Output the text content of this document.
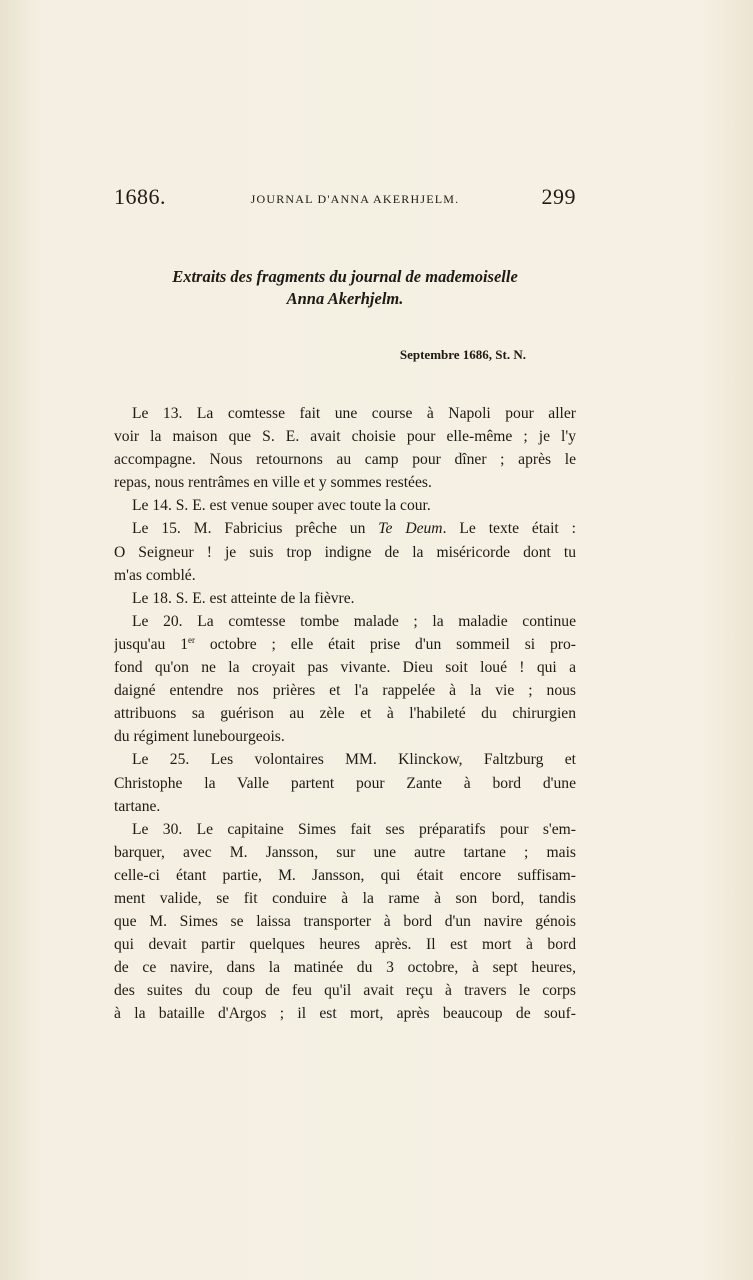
1686.	JOURNAL D'ANNA AKERHJELM.	299
Extraits des fragments du journal de mademoiselle
Anna Akerhjelm.
Septembre 1686, St. N.
Le 13. La comtesse fait une course à Napoli pour aller
voir la maison que S. E. avait choisie pour elle-même ; je l'y
accompagne. Nous retournons au camp pour dîner ; après le
repas, nous rentrâmes en ville et y sommes restées.
Le 14. S. E. est venue souper avec toute la cour.
Le 15. M. Fabricius prêche un Te Deum. Le texte était :
O Seigneur ! je suis trop indigne de la miséricorde dont tu
m'as comblé.
Le 18. S. E. est atteinte de la fièvre.
Le 20. La comtesse tombe malade ; la maladie continue
jusqu'au 1er octobre ; elle était prise d'un sommeil si pro-
fond qu'on ne la croyait pas vivante. Dieu soit loué ! qui a
daigné entendre nos prières et l'a rappelée à la vie ; nous
attribuons sa guérison au zèle et à l'habileté du chirurgien
du régiment lunebourgeois.
Le 25. Les volontaires MM. Klinckow, Faltzburg et
Christophe la Valle partent pour Zante à bord d'une
tartane.
Le 30. Le capitaine Simes fait ses préparatifs pour s'em-
barquer, avec M. Jansson, sur une autre tartane ; mais
celle-ci étant partie, M. Jansson, qui était encore suffisam-
ment valide, se fit conduire à la rame à son bord, tandis
que M. Simes se laissa transporter à bord d'un navire génois
qui devait partir quelques heures après. Il est mort à bord
de ce navire, dans la matinée du 3 octobre, à sept heures,
des suites du coup de feu qu'il avait reçu à travers le corps
à la bataille d'Argos ; il est mort, après beaucoup de souf-
